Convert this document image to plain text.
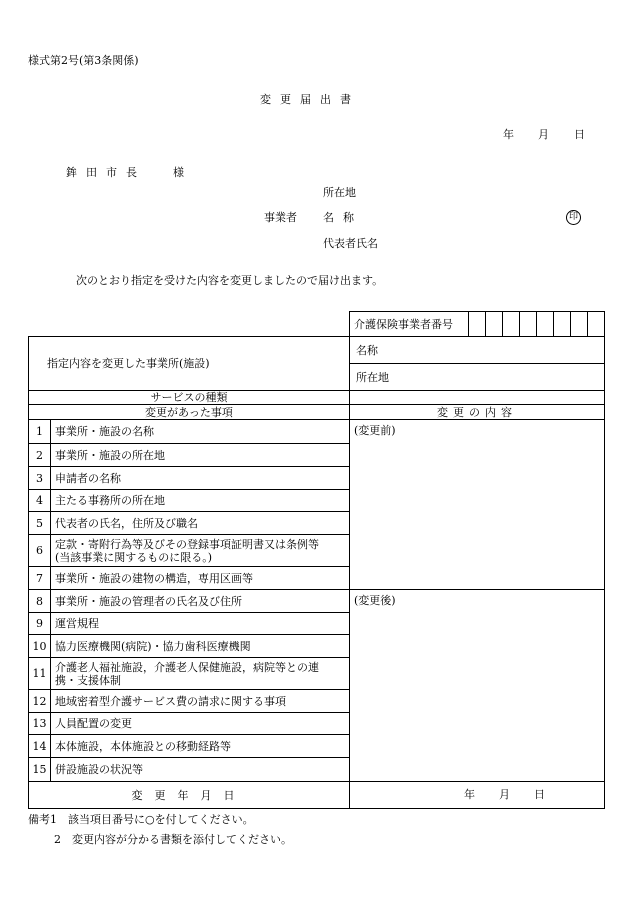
様式第2号(第3条関係)
変更届出書
年 月 日
鉾田市長 様
所在地
事業者 名称	印
代表者氏名
次のとおり指定を受けた内容を変更しましたので届け出ます。

介護保険事業者番号

指定内容を変更した事業所(施設)		名称
所在地

サービスの種類		
変更があった事項		変更の内容
1	事業所・施設の名称	(変更前)
2	事業所・施設の所在地	
3	申請者の名称	
4	主たる事務所の所在地	
5	代表者の氏名，住所及び職名	
6	定款・寄附行為等及びその登録事項証明書又は条例等
(当該事業に関するものに限る。)	

7	事業所・施設の建物の構造，専用区画等	
8	事業所・施設の管理者の氏名及び住所	(変更後)
9	運営規程	
10	協力医療機関(病院)・協力歯科医療機関	
11	介護老人福祉施設，介護老人保健施設，病院等との連
携・支援体制	

12	地域密着型介護サービス費の請求に関する事項	
13	人員配置の変更	
14	本体施設，本体施設との移動経路等	
15	併設施設の状況等	
変更年月日		年 月 日
備考1　該当項目番号に○を付してください。
2　変更内容が分かる書類を添付してください。
